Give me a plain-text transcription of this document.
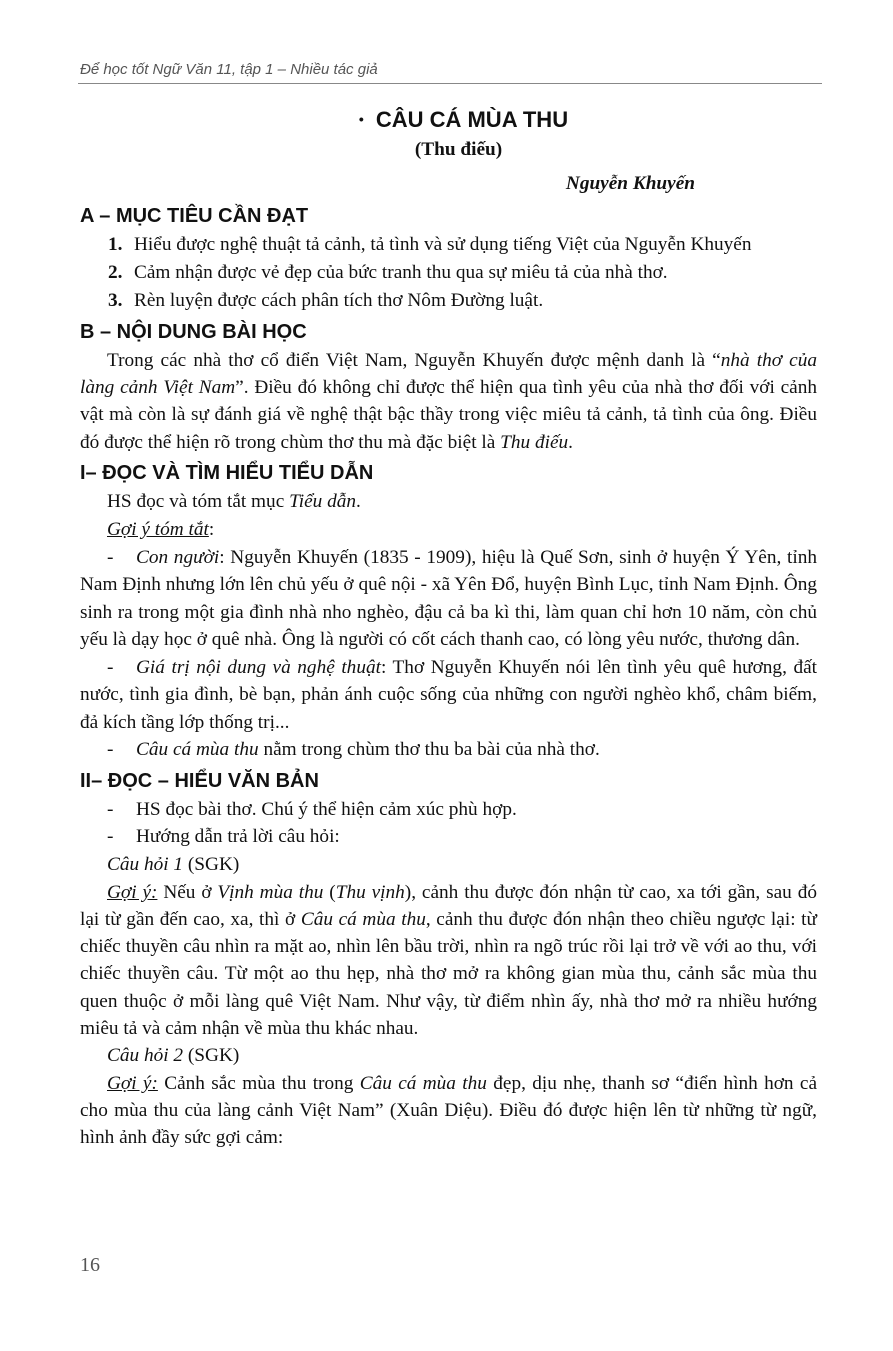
Để học tốt Ngữ Văn 11, tập 1 – Nhiều tác giả
• CÂU CÁ MÙA THU
(Thu điếu)
Nguyễn Khuyến
A – MỤC TIÊU CẦN ĐẠT

1. Hiểu được nghệ thuật tả cảnh, tả tình và sử dụng tiếng Việt của Nguyễn Khuyến

2. Cảm nhận được vẻ đẹp của bức tranh thu qua sự miêu tả của nhà thơ.

3. Rèn luyện được cách phân tích thơ Nôm Đường luật.

B – NỘI DUNG BÀI HỌC

Trong các nhà thơ cổ điển Việt Nam, Nguyễn Khuyến được mệnh danh là “nhà thơ của làng cảnh Việt Nam”. Điều đó không chỉ được thể hiện qua tình yêu của nhà thơ đối với cảnh vật mà còn là sự đánh giá về nghệ thật bậc thầy trong việc miêu tả cảnh, tả tình của ông. Điều đó được thể hiện rõ trong chùm thơ thu mà đặc biệt là Thu điếu.

I– ĐỌC VÀ TÌM HIỂU TIỂU DẪN

HS đọc và tóm tắt mục Tiểu dẫn.

Gợi ý tóm tắt:

- Con người: Nguyễn Khuyến (1835 - 1909), hiệu là Quế Sơn, sinh ở huyện Ý Yên, tỉnh Nam Định nhưng lớn lên chủ yếu ở quê nội - xã Yên Đổ, huyện Bình Lục, tỉnh Nam Định. Ông sinh ra trong một gia đình nhà nho nghèo, đậu cả ba kì thi, làm quan chỉ hơn 10 năm, còn chủ yếu là dạy học ở quê nhà. Ông là người có cốt cách thanh cao, có lòng yêu nước, thương dân.

- Giá trị nội dung và nghệ thuật: Thơ Nguyễn Khuyến nói lên tình yêu quê hương, đất nước, tình gia đình, bè bạn, phản ánh cuộc sống của những con người nghèo khổ, châm biếm, đả kích tầng lớp thống trị...

- Câu cá mùa thu nằm trong chùm thơ thu ba bài của nhà thơ.

II– ĐỌC – HIỂU VĂN BẢN

- HS đọc bài thơ. Chú ý thể hiện cảm xúc phù hợp.

- Hướng dẫn trả lời câu hỏi:

Câu hỏi 1 (SGK)

Gợi ý: Nếu ở Vịnh mùa thu (Thu vịnh), cảnh thu được đón nhận từ cao, xa tới gần, sau đó lại từ gần đến cao, xa, thì ở Câu cá mùa thu, cảnh thu được đón nhận theo chiều ngược lại: từ chiếc thuyền câu nhìn ra mặt ao, nhìn lên bầu trời, nhìn ra ngõ trúc rồi lại trở về với ao thu, với chiếc thuyền câu. Từ một ao thu hẹp, nhà thơ mở ra không gian mùa thu, cảnh sắc mùa thu quen thuộc ở mỗi làng quê Việt Nam. Như vậy, từ điểm nhìn ấy, nhà thơ mở ra nhiều hướng miêu tả và cảm nhận về mùa thu khác nhau.

Câu hỏi 2 (SGK)

Gợi ý: Cảnh sắc mùa thu trong Câu cá mùa thu đẹp, dịu nhẹ, thanh sơ “điển hình hơn cả cho mùa thu của làng cảnh Việt Nam” (Xuân Diệu). Điều đó được hiện lên từ những từ ngữ, hình ảnh đầy sức gợi cảm:

16
